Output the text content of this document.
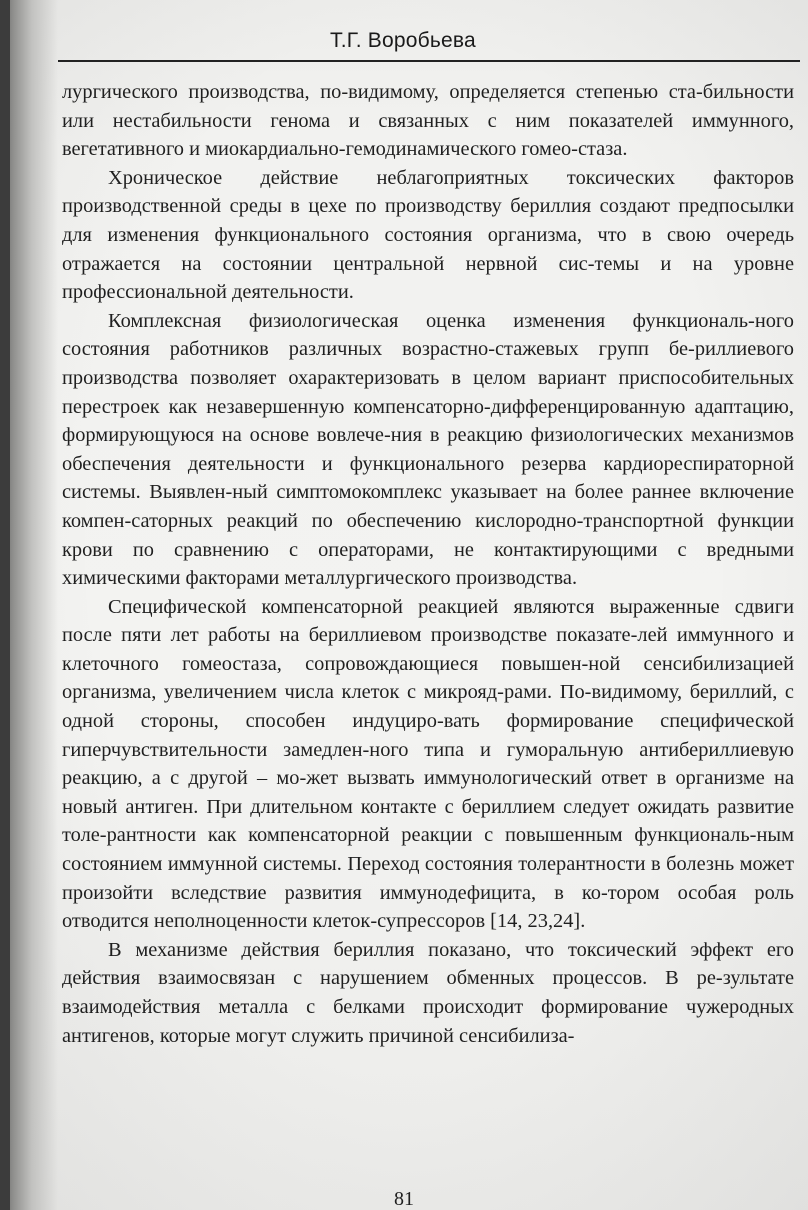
Т.Г. Воробьева

лургического производства, по-видимому, определяется степенью ста-бильности или нестабильности генома и связанных с ним показателей иммунного, вегетативного и миокардиально-гемодинамического гомео-стаза.

Хроническое действие неблагоприятных токсических факторов производственной среды в цехе по производству бериллия создают предпосылки для изменения функционального состояния организма, что в свою очередь отражается на состоянии центральной нервной сис-темы и на уровне профессиональной деятельности.

Комплексная физиологическая оценка изменения функциональ-ного состояния работников различных возрастно-стажевых групп бе-риллиевого производства позволяет охарактеризовать в целом вариант приспособительных перестроек как незавершенную компенсаторно-дифференцированную адаптацию, формирующуюся на основе вовлече-ния в реакцию физиологических механизмов обеспечения деятельности и функционального резерва кардиореспираторной системы. Выявлен-ный симптомокомплекс указывает на более раннее включение компен-саторных реакций по обеспечению кислородно-транспортной функции крови по сравнению с операторами, не контактирующими с вредными химическими факторами металлургического производства.

Специфической компенсаторной реакцией являются выраженные сдвиги после пяти лет работы на бериллиевом производстве показате-лей иммунного и клеточного гомеостаза, сопровождающиеся повышен-ной сенсибилизацией организма, увеличением числа клеток с микрояд-рами. По-видимому, бериллий, с одной стороны, способен индуциро-вать формирование специфической гиперчувствительности замедлен-ного типа и гуморальную антибериллиевую реакцию, а с другой – мо-жет вызвать иммунологический ответ в организме на новый антиген. При длительном контакте с бериллием следует ожидать развитие толе-рантности как компенсаторной реакции с повышенным функциональ-ным состоянием иммунной системы. Переход состояния толерантности в болезнь может произойти вследствие развития иммунодефицита, в ко-тором особая роль отводится неполноценности клеток-супрессоров [14, 23,24].

В механизме действия бериллия показано, что токсический эффект его действия взаимосвязан с нарушением обменных процессов. В ре-зультате взаимодействия металла с белками происходит формирование чужеродных антигенов, которые могут служить причиной сенсибилиза-

81
